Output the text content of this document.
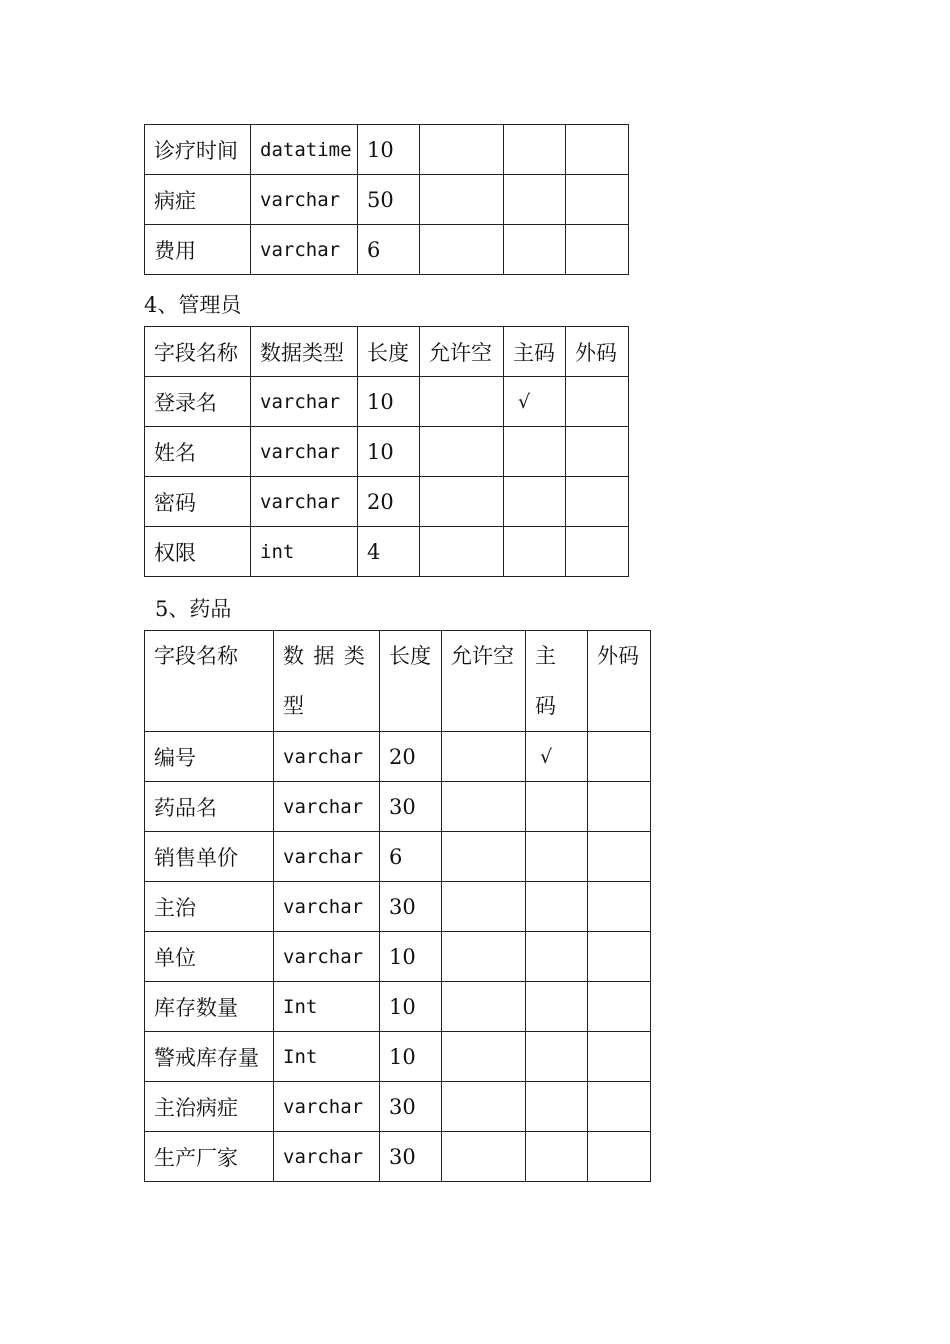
诊疗时间	datatime	10			
病症	varchar	50			
费用	varchar	6			
4、管理员
字段名称	数据类型	长度	允许空	主码	外码
登录名	varchar	10		√	
姓名	varchar	10			
密码	varchar	20			
权限	int	4			
5、药品
字段名称	数据类型	长度	允许空	主码	外码
编号	varchar	20		√	
药品名	varchar	30			
销售单价	varchar	6			
主治	varchar	30			
单位	varchar	10			
库存数量	Int	10			
警戒库存量	Int	10			
主治病症	varchar	30			
生产厂家	varchar	30			
